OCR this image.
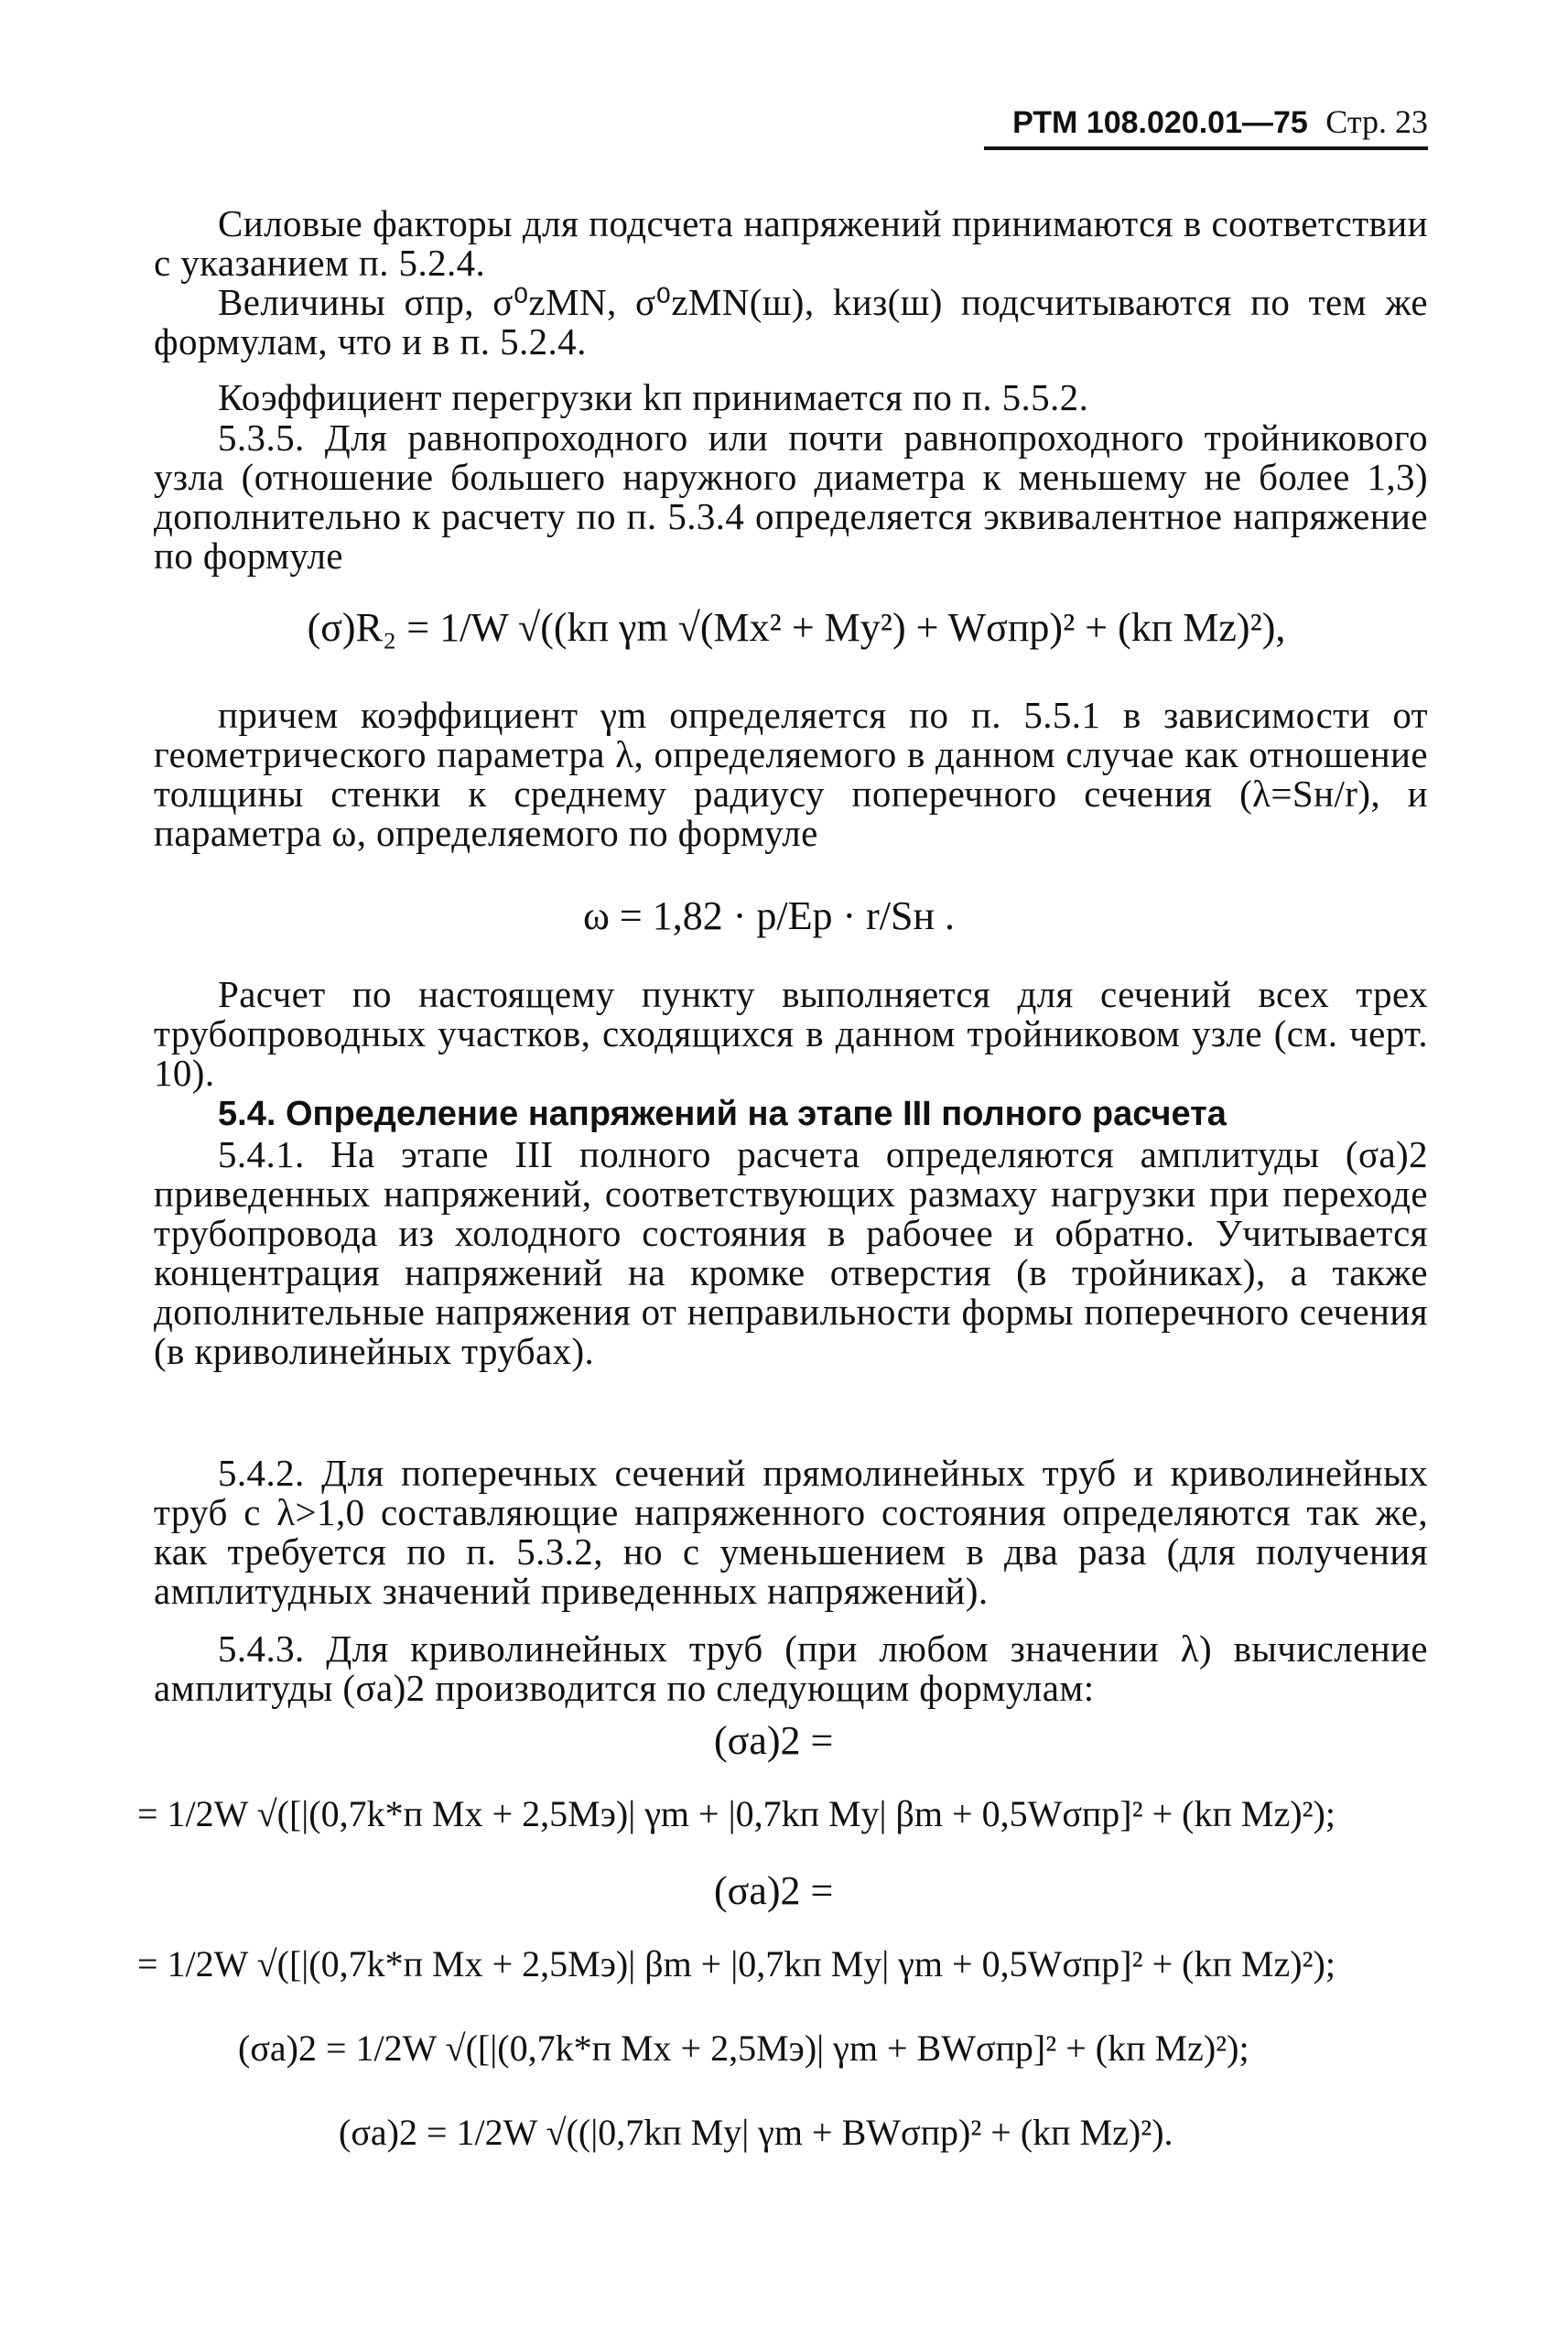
РТМ 108.020.01—75 Стр. 23
Силовые факторы для подсчета напряжений принимаются в соответствии с указанием п. 5.2.4.
Величины σпр, σ⁰zMN, σ⁰zMN(ш), kиз(ш) подсчитываются по тем же формулам, что и в п. 5.2.4.
Коэффициент перегрузки kп принимается по п. 5.5.2.
5.3.5. Для равнопроходного или почти равнопроходного тройникового узла (отношение большего наружного диаметра к меньшему не более 1,3) дополнительно к расчету по п. 5.3.4 определяется эквивалентное напряжение по формуле
(σ)R₂ = 1/W √((kп γm √(Mx² + My²) + Wσпр)² + (kп Mz)²),
причем коэффициент γm определяется по п. 5.5.1 в зависимости от геометрического параметра λ, определяемого в данном случае как отношение толщины стенки к среднему радиусу поперечного сечения (λ=Sн/r), и параметра ω, определяемого по формуле
ω = 1,82 · p/Eр · r/Sн .
Расчет по настоящему пункту выполняется для сечений всех трех трубопроводных участков, сходящихся в данном тройниковом узле (см. черт. 10).
5.4. Определение напряжений на этапе III полного расчета
5.4.1. На этапе III полного расчета определяются амплитуды (σa)2 приведенных напряжений, соответствующих размаху нагрузки при переходе трубопровода из холодного состояния в рабочее и обратно. Учитывается концентрация напряжений на кромке отверстия (в тройниках), а также дополнительные напряжения от неправильности формы поперечного сечения (в криволинейных трубах).
5.4.2. Для поперечных сечений прямолинейных труб и криволинейных труб с λ>1,0 составляющие напряженного состояния определяются так же, как требуется по п. 5.3.2, но с уменьшением в два раза (для получения амплитудных значений приведенных напряжений).
5.4.3. Для криволинейных труб (при любом значении λ) вычисление амплитуды (σa)2 производится по следующим формулам:
(σa)2 =
= 1/2W √([|(0,7k*п Mx + 2,5Mэ)| γm + |0,7kп My| βm + 0,5Wσпр]² + (kп Mz)²);
(σa)2 =
= 1/2W √([|(0,7k*п Mx + 2,5Mэ)| βm + |0,7kп My| γm + 0,5Wσпр]² + (kп Mz)²);
(σa)2 = 1/2W √([|(0,7k*п Mx + 2,5Mэ)| γm + BWσпр]² + (kп Mz)²);
(σa)2 = 1/2W √((|0,7kп My| γm + BWσпр)² + (kп Mz)²).
